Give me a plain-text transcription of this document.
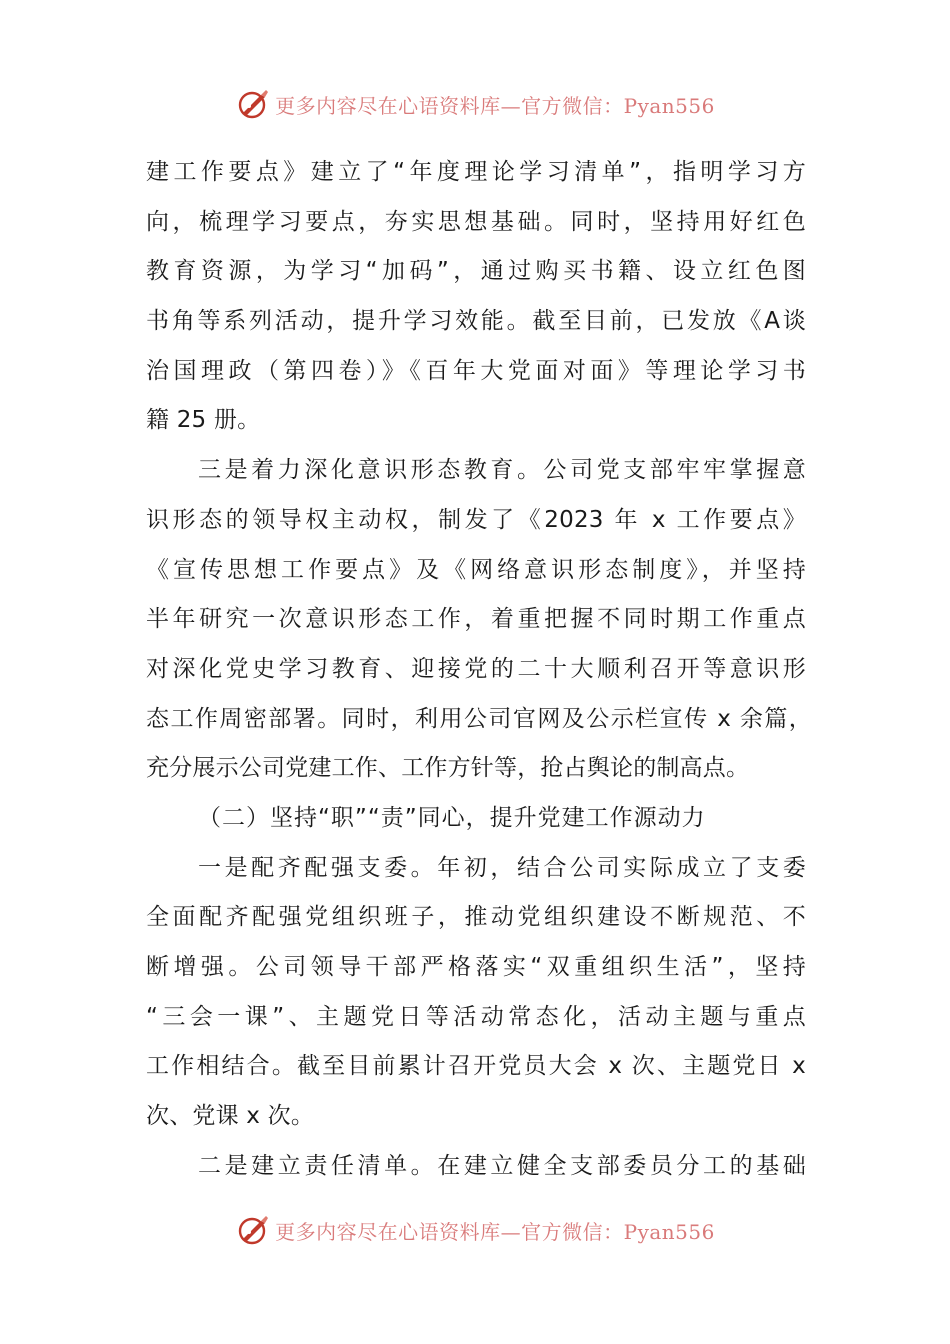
更多内容尽在心语资料库—官方微信：Pyan556
建工作要点》建立了“年度理论学习清单”，指明学习方
向，梳理学习要点，夯实思想基础。同时，坚持用好红色
教育资源，为学习“加码”，通过购买书籍、设立红色图
书角等系列活动，提升学习效能。截至目前，已发放《A谈
治国理政（第四卷）》《百年大党面对面》等理论学习书
籍 25 册。
三是着力深化意识形态教育。公司党支部牢牢掌握意
识形态的领导权主动权，制发了《2023 年 x 工作要点》
《宣传思想工作要点》及《网络意识形态制度》，并坚持
半年研究一次意识形态工作，着重把握不同时期工作重点
对深化党史学习教育、迎接党的二十大顺利召开等意识形
态工作周密部署。同时，利用公司官网及公示栏宣传 x 余篇，
充分展示公司党建工作、工作方针等，抢占舆论的制高点。
（二）坚持“职”“责”同心，提升党建工作源动力
一是配齐配强支委。年初，结合公司实际成立了支委
全面配齐配强党组织班子，推动党组织建设不断规范、不
断增强。公司领导干部严格落实“双重组织生活”，坚持
“三会一课”、主题党日等活动常态化，活动主题与重点
工作相结合。截至目前累计召开党员大会 x 次、主题党日 x
次、党课 x 次。
二是建立责任清单。在建立健全支部委员分工的基础
更多内容尽在心语资料库—官方微信：Pyan556
